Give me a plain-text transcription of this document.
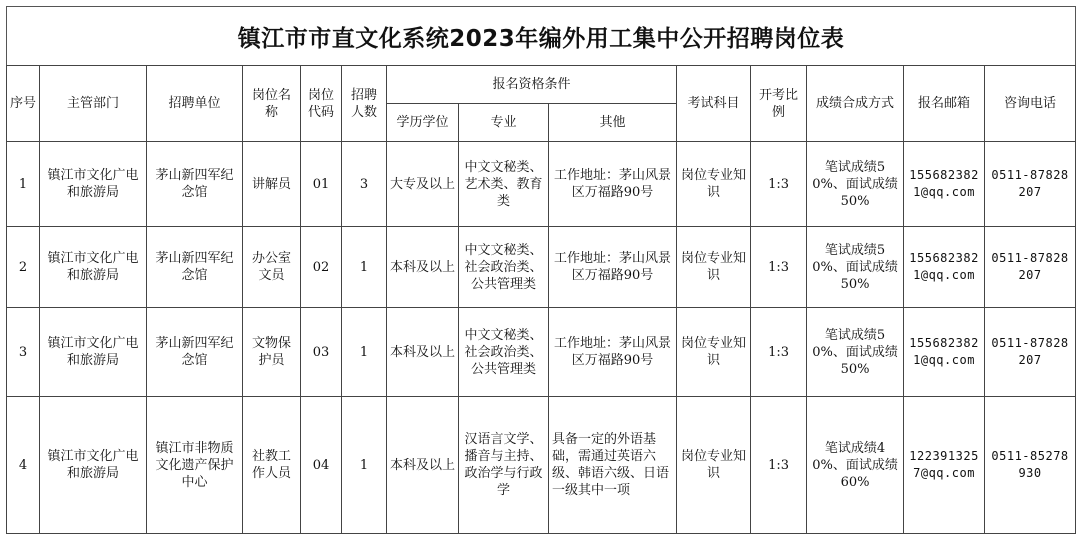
镇江市市直文化系统2023年编外用工集中公开招聘岗位表
序号	主管部门	招聘单位	岗位名称	岗位代码	招聘人数	报名资格条件			考试科目	开考比例	成绩合成方式	报名邮箱	咨询电话
						学历学位	专业	其他					
1	镇江市文化广电和旅游局	茅山新四军纪念馆	讲解员	01	3	大专及以上	中文文秘类、艺术类、教育类	工作地址：茅山风景区万福路90号	岗位专业知识	1:3	笔试成绩50%、面试成绩50%	1556823821@qq.com	0511-87828207
2	镇江市文化广电和旅游局	茅山新四军纪念馆	办公室文员	02	1	本科及以上	中文文秘类、社会政治类、公共管理类	工作地址：茅山风景区万福路90号	岗位专业知识	1:3	笔试成绩50%、面试成绩50%	1556823821@qq.com	0511-87828207
3	镇江市文化广电和旅游局	茅山新四军纪念馆	文物保护员	03	1	本科及以上	中文文秘类、社会政治类、公共管理类	工作地址：茅山风景区万福路90号	岗位专业知识	1:3	笔试成绩50%、面试成绩50%	1556823821@qq.com	0511-87828207
4	镇江市文化广电和旅游局	镇江市非物质文化遗产保护中心	社教工作人员	04	1	本科及以上	汉语言文学、播音与主持、政治学与行政学	具备一定的外语基础，需通过英语六级、韩语六级、日语一级其中一项	岗位专业知识	1:3	笔试成绩40%、面试成绩60%	1223913257@qq.com	0511-85278930
